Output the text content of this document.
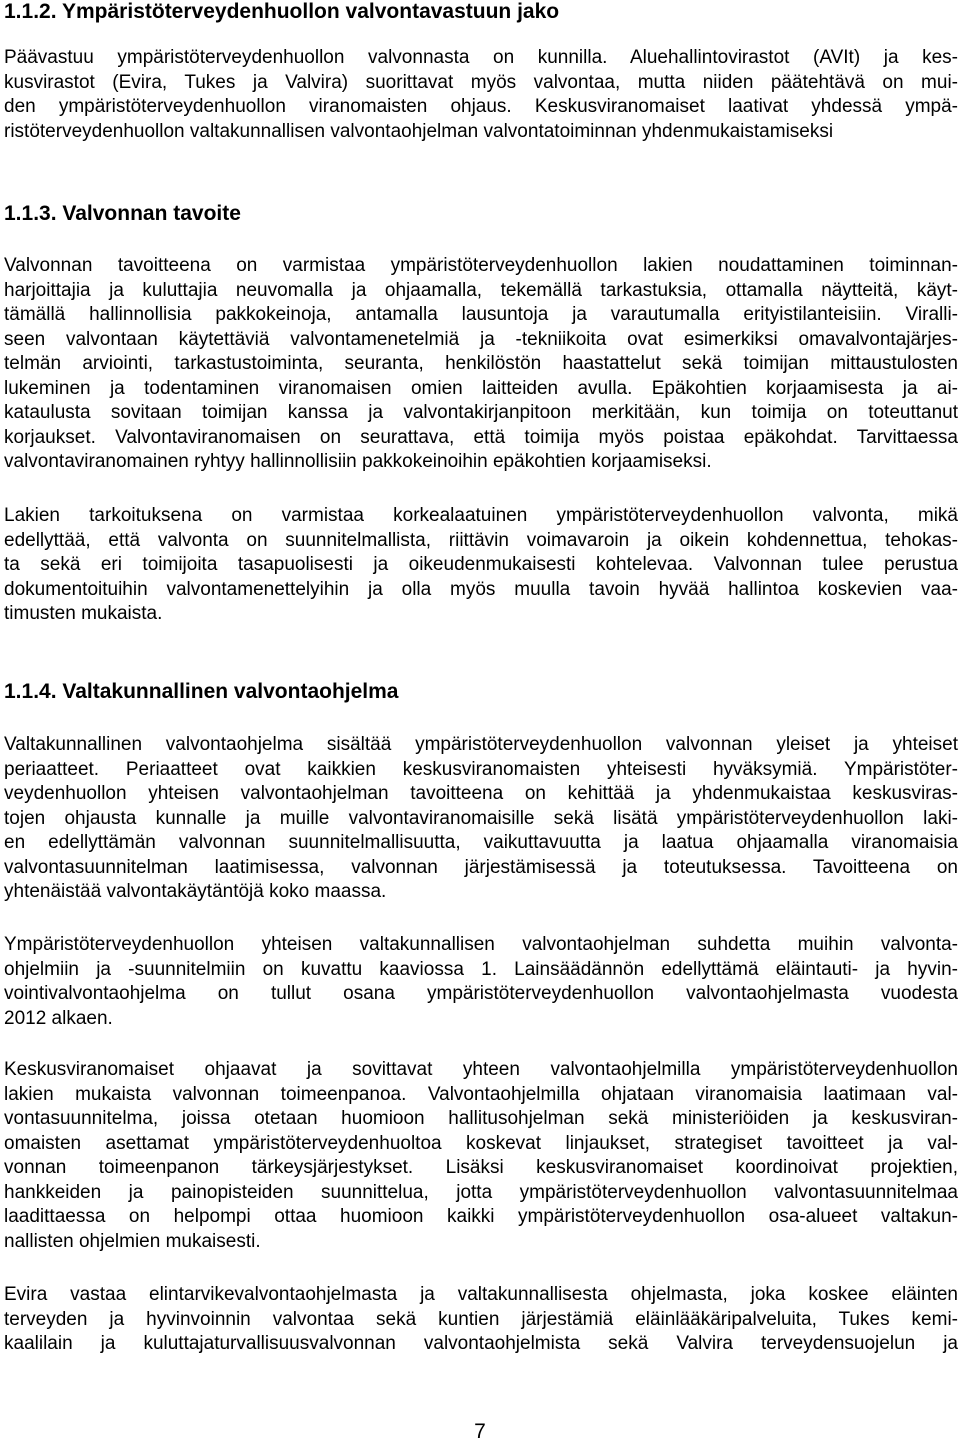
1.1.2. Ympäristöterveydenhuollon valvontavastuun jako

Päävastuu ympäristöterveydenhuollon valvonnasta on kunnilla. Aluehallintovirastot (AVIt) ja kes-
kusvirastot (Evira, Tukes ja Valvira) suorittavat myös valvontaa, mutta niiden päätehtävä on mui-
den ympäristöterveydenhuollon viranomaisten ohjaus. Keskusviranomaiset laativat yhdessä ympä-
ristöterveydenhuollon valtakunnallisen valvontaohjelman valvontatoiminnan yhdenmukaistamiseksi

1.1.3. Valvonnan tavoite

Valvonnan tavoitteena on varmistaa ympäristöterveydenhuollon lakien noudattaminen toiminnan-
harjoittajia ja kuluttajia neuvomalla ja ohjaamalla, tekemällä tarkastuksia, ottamalla näytteitä, käyt-
tämällä hallinnollisia pakkokeinoja, antamalla lausuntoja ja varautumalla erityistilanteisiin. Viralli-
seen valvontaan käytettäviä valvontamenetelmiä ja -tekniikoita ovat esimerkiksi omavalvontajärjes-
telmän arviointi, tarkastustoiminta, seuranta, henkilöstön haastattelut sekä toimijan mittaustulosten
lukeminen ja todentaminen viranomaisen omien laitteiden avulla. Epäkohtien korjaamisesta ja ai-
kataulusta sovitaan toimijan kanssa ja valvontakirjanpitoon merkitään, kun toimija on toteuttanut
korjaukset. Valvontaviranomaisen on seurattava, että toimija myös poistaa epäkohdat. Tarvittaessa
valvontaviranomainen ryhtyy hallinnollisiin pakkokeinoihin epäkohtien korjaamiseksi.

Lakien tarkoituksena on varmistaa korkealaatuinen ympäristöterveydenhuollon valvonta, mikä
edellyttää, että valvonta on suunnitelmallista, riittävin voimavaroin ja oikein kohdennettua, tehokas-
ta sekä eri toimijoita tasapuolisesti ja oikeudenmukaisesti kohtelevaa. Valvonnan tulee perustua
dokumentoituihin valvontamenettelyihin ja olla myös muulla tavoin hyvää hallintoa koskevien vaa-
timusten mukaista.

1.1.4. Valtakunnallinen valvontaohjelma

Valtakunnallinen valvontaohjelma sisältää ympäristöterveydenhuollon valvonnan yleiset ja yhteiset
periaatteet. Periaatteet ovat kaikkien keskusviranomaisten yhteisesti hyväksymiä. Ympäristöter-
veydenhuollon yhteisen valvontaohjelman tavoitteena on kehittää ja yhdenmukaistaa keskusviras-
tojen ohjausta kunnalle ja muille valvontaviranomaisille sekä lisätä ympäristöterveydenhuollon laki-
en edellyttämän valvonnan suunnitelmallisuutta, vaikuttavuutta ja laatua ohjaamalla viranomaisia
valvontasuunnitelman laatimisessa, valvonnan järjestämisessä ja toteutuksessa. Tavoitteena on
yhtenäistää valvontakäytäntöjä koko maassa.

Ympäristöterveydenhuollon yhteisen valtakunnallisen valvontaohjelman suhdetta muihin valvonta-
ohjelmiin ja -suunnitelmiin on kuvattu kaaviossa 1. Lainsäädännön edellyttämä eläintauti- ja hyvin-
vointivalvontaohjelma on tullut osana ympäristöterveydenhuollon valvontaohjelmasta vuodesta
2012 alkaen.

Keskusviranomaiset ohjaavat ja sovittavat yhteen valvontaohjelmilla ympäristöterveydenhuollon
lakien mukaista valvonnan toimeenpanoa. Valvontaohjelmilla ohjataan viranomaisia laatimaan val-
vontasuunnitelma, joissa otetaan huomioon hallitusohjelman sekä ministeriöiden ja keskusviran-
omaisten asettamat ympäristöterveydenhuoltoa koskevat linjaukset, strategiset tavoitteet ja val-
vonnan toimeenpanon tärkeysjärjestykset. Lisäksi keskusviranomaiset koordinoivat projektien,
hankkeiden ja painopisteiden suunnittelua, jotta ympäristöterveydenhuollon valvontasuunnitelmaa
laadittaessa on helpompi ottaa huomioon kaikki ympäristöterveydenhuollon osa-alueet valtakun-
nallisten ohjelmien mukaisesti.

Evira vastaa elintarvikevalvontaohjelmasta ja valtakunnallisesta ohjelmasta, joka koskee eläinten
terveyden ja hyvinvoinnin valvontaa sekä kuntien järjestämiä eläinlääkäripalveluita, Tukes kemi-
kaalilain ja kuluttajaturvallisuusvalvonnan valvontaohjelmista sekä Valvira terveydensuojelun ja

7
